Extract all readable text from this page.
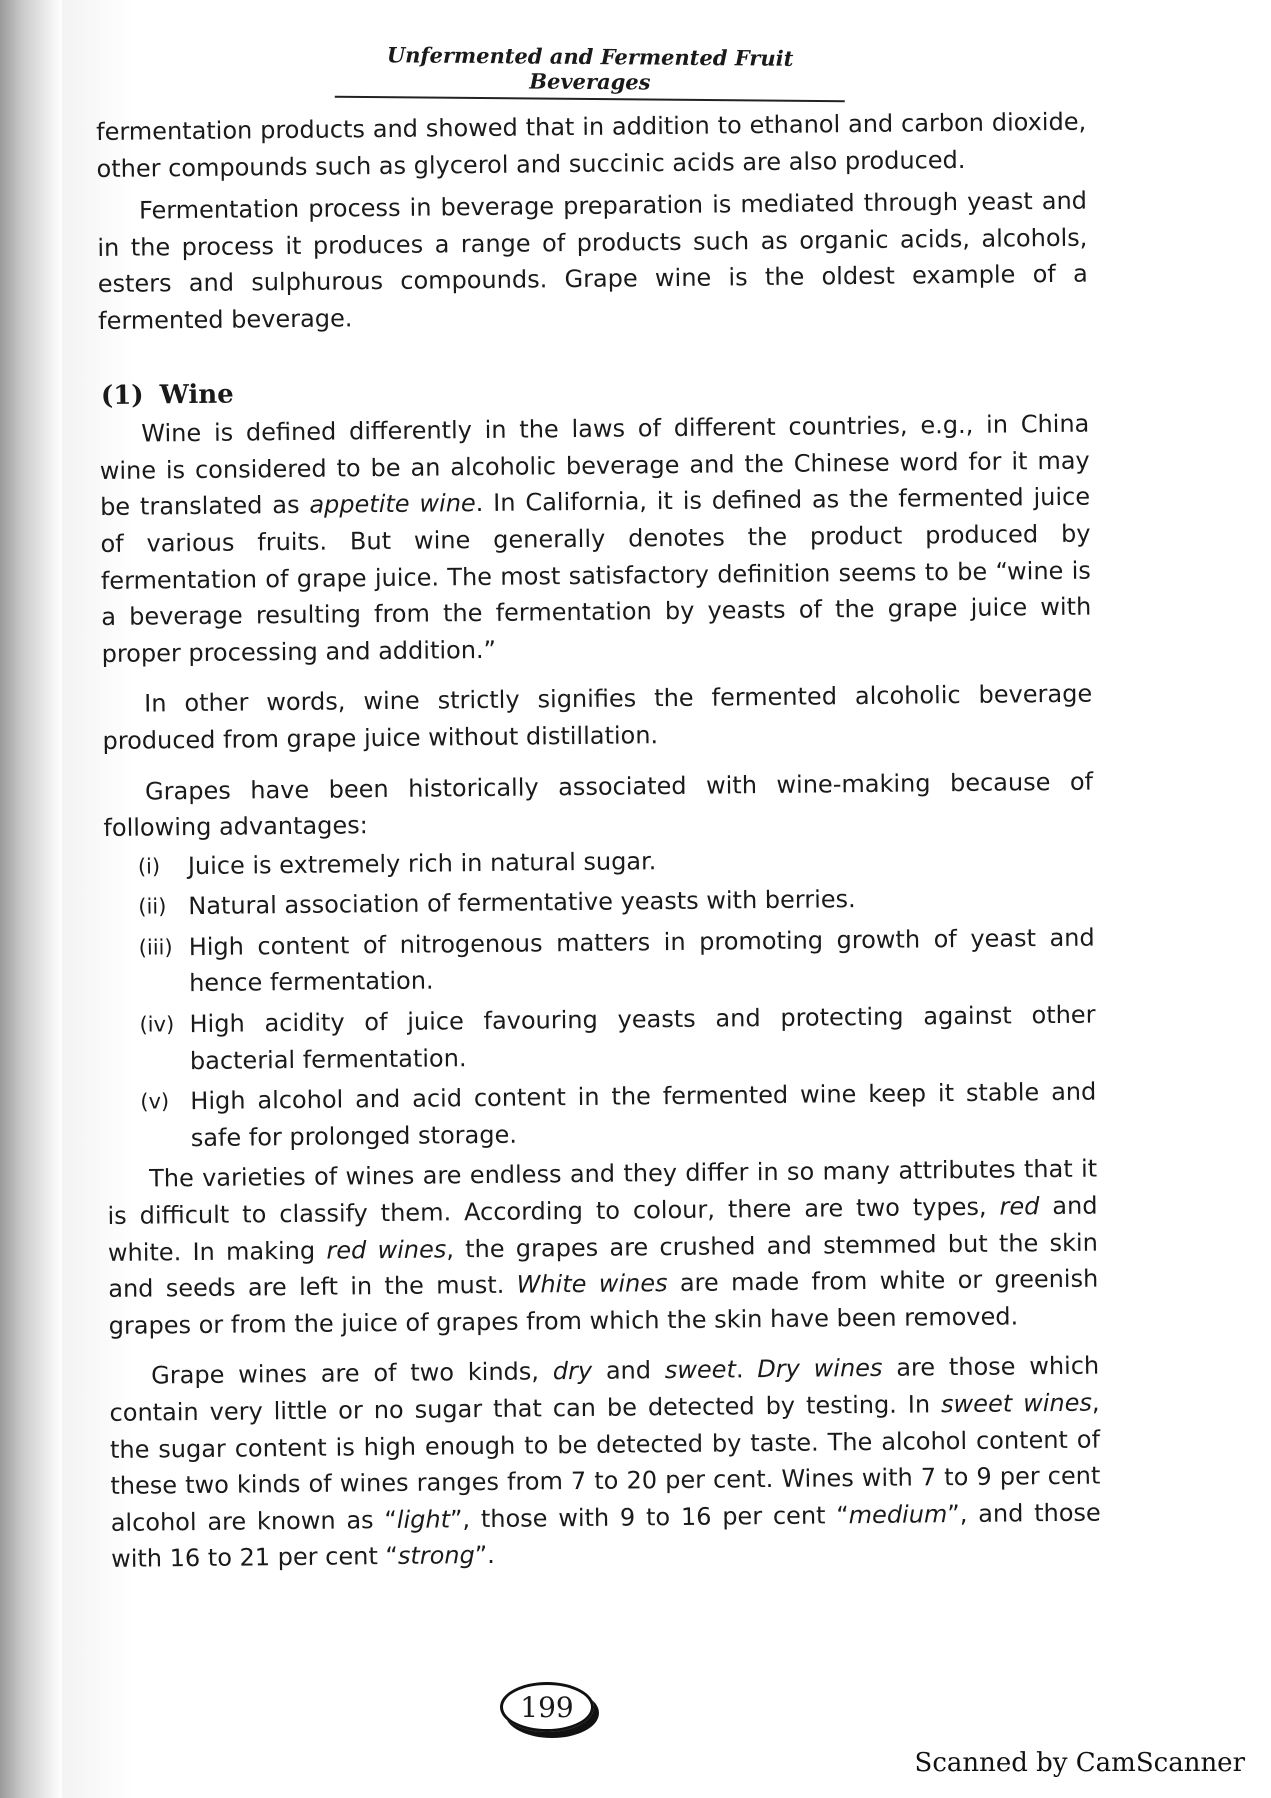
Unfermented and Fermented Fruit Beverages

fermentation products and showed that in addition to ethanol and carbon dioxide, other compounds such as glycerol and succinic acids are also produced.

Fermentation process in beverage preparation is mediated through yeast and in the process it produces a range of products such as organic acids, alcohols, esters and sulphurous compounds. Grape wine is the oldest example of a fermented beverage.

(1) Wine

Wine is defined differently in the laws of different countries, e.g., in China wine is considered to be an alcoholic beverage and the Chinese word for it may be translated as appetite wine. In California, it is defined as the fermented juice of various fruits. But wine generally denotes the product produced by fermentation of grape juice. The most satisfactory definition seems to be “wine is a beverage resulting from the fermentation by yeasts of the grape juice with proper processing and addition.”

In other words, wine strictly signifies the fermented alcoholic beverage produced from grape juice without distillation.

Grapes have been historically associated with wine-making because of following advantages:

(i) Juice is extremely rich in natural sugar.
(ii) Natural association of fermentative yeasts with berries.
(iii) High content of nitrogenous matters in promoting growth of yeast and hence fermentation.
(iv) High acidity of juice favouring yeasts and protecting against other bacterial fermentation.
(v) High alcohol and acid content in the fermented wine keep it stable and safe for prolonged storage.

The varieties of wines are endless and they differ in so many attributes that it is difficult to classify them. According to colour, there are two types, red and white. In making red wines, the grapes are crushed and stemmed but the skin and seeds are left in the must. White wines are made from white or greenish grapes or from the juice of grapes from which the skin have been removed.

Grape wines are of two kinds, dry and sweet. Dry wines are those which contain very little or no sugar that can be detected by testing. In sweet wines, the sugar content is high enough to be detected by taste. The alcohol content of these two kinds of wines ranges from 7 to 20 per cent. Wines with 7 to 9 per cent alcohol are known as “light”, those with 9 to 16 per cent “medium”, and those with 16 to 21 per cent “strong”.

199
Scanned by CamScanner
